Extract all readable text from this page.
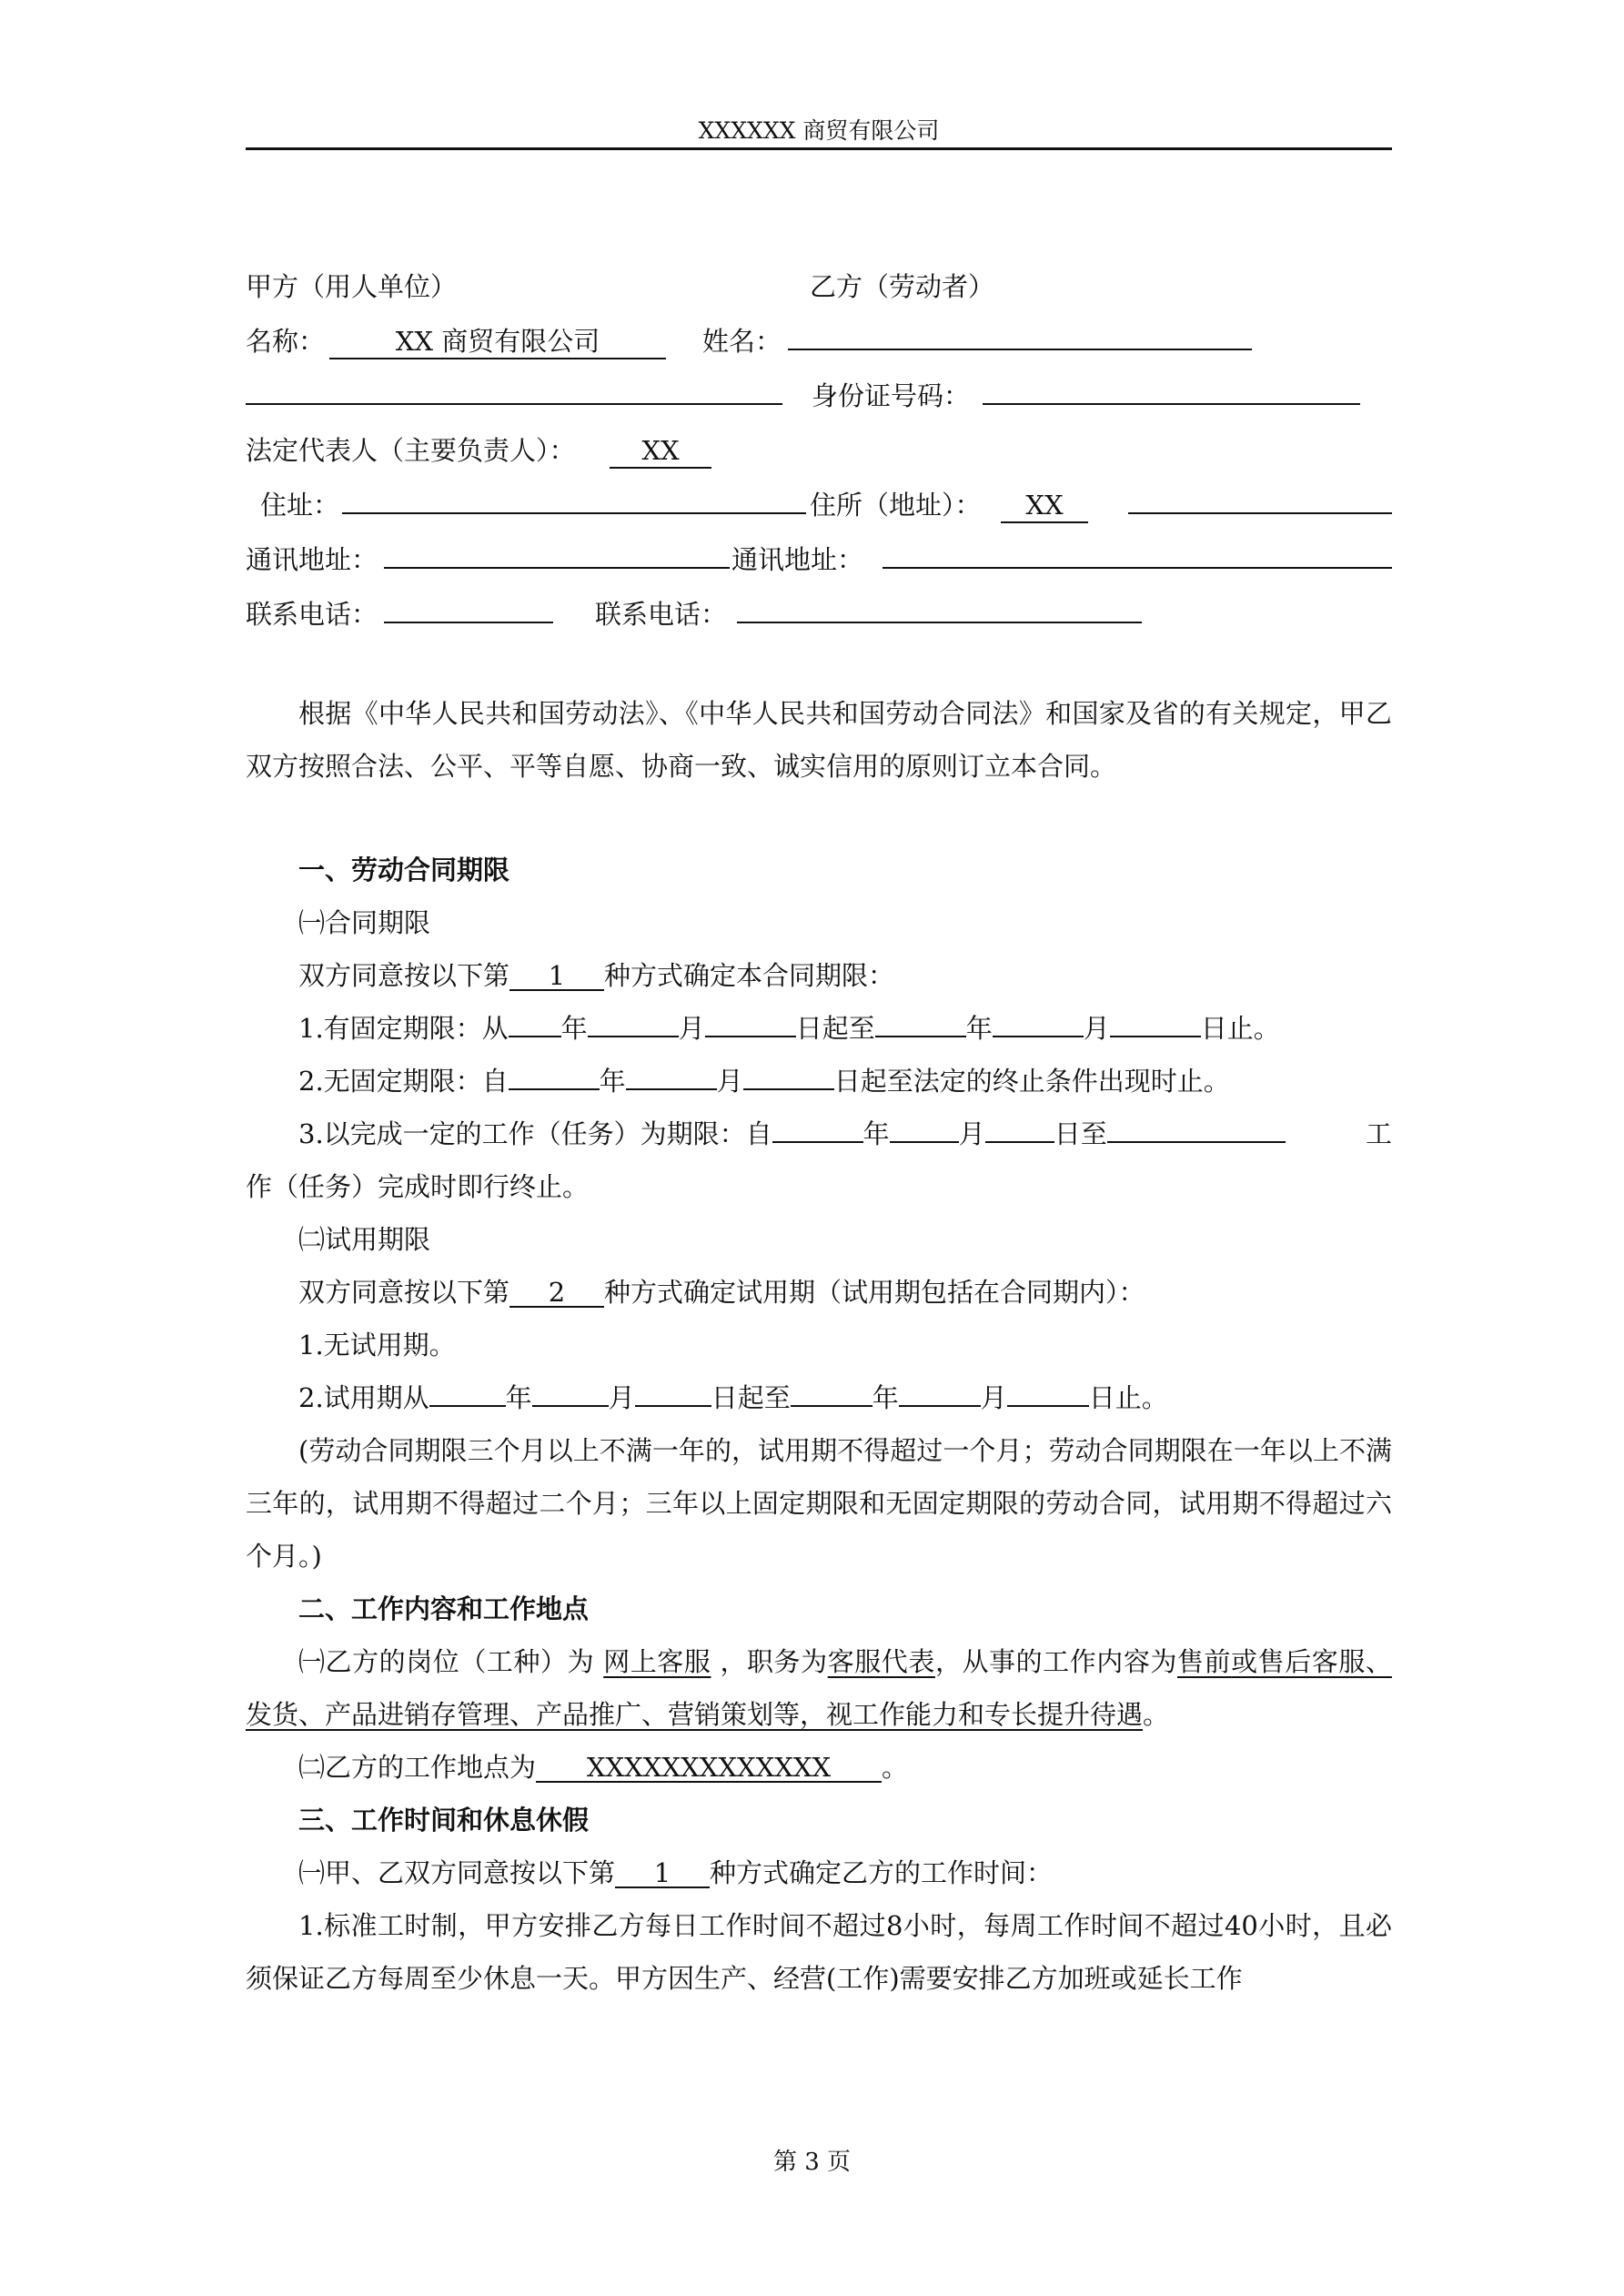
XXXXXX 商贸有限公司
甲方（用人单位）	乙方（劳动者）
名称：	XX 商贸有限公司	姓名：
身份证号码：
法定代表人（主要负责人）：	XX
住址：	住所（地址）：	XX
通讯地址：	通讯地址：
联系电话：	联系电话：
根据《中华人民共和国劳动法》、《中华人民共和国劳动合同法》和国家及省的有关规定，甲乙双方按照合法、公平、平等自愿、协商一致、诚实信用的原则订立本合同。
一、劳动合同期限
㈠合同期限
双方同意按以下第 1 种方式确定本合同期限：
1.有固定期限：从 年	月	日起至	年	月	日止。
2.无固定期限：自	年	月	日起至法定的终止条件出现时止。
3.以完成一定的工作（任务）为期限：自	年	月	日至	工
作（任务）完成时即行终止。
㈡试用期限
双方同意按以下第 2 种方式确定试用期（试用期包括在合同期内）：
1.无试用期。
2.试用期从	年	月	日起至	年	月	日止。
(劳动合同期限三个月以上不满一年的，试用期不得超过一个月；劳动合同期限在一年以上不满三年的，试用期不得超过二个月；三年以上固定期限和无固定期限的劳动合同，试用期不得超过六个月。)
二、工作内容和工作地点
㈠乙方的岗位（工种）为 网上客服 ，职务为客服代表，从事的工作内容为售前或售后客服、发货、产品进销存管理、产品推广、营销策划等，视工作能力和专长提升待遇。
㈡乙方的工作地点为 XXXXXXXXXXXXX 。
三、工作时间和休息休假
㈠甲、乙双方同意按以下第 1 种方式确定乙方的工作时间：
1.标准工时制，甲方安排乙方每日工作时间不超过8小时，每周工作时间不超过40小时，且必须保证乙方每周至少休息一天。甲方因生产、经营(工作)需要安排乙方加班或延长工作
第 3 页
